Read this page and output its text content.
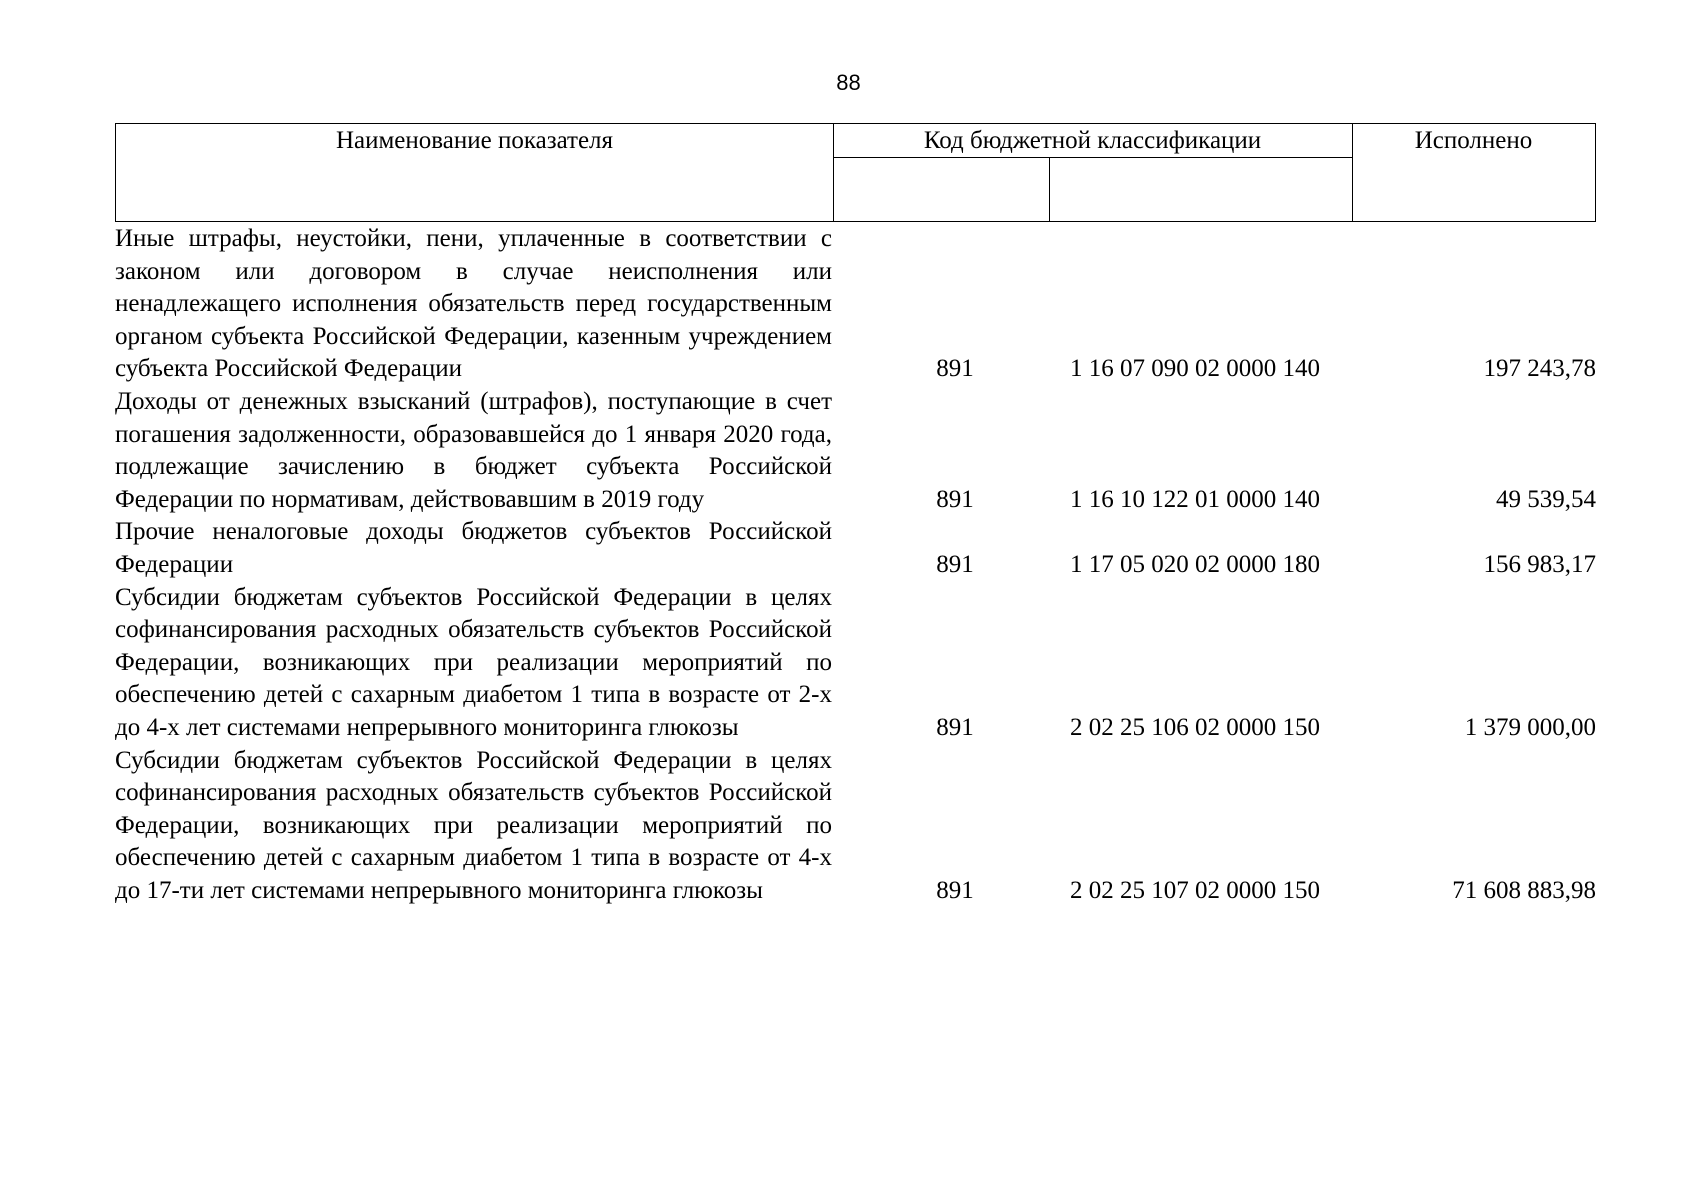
88
Наименование показателя	Код бюджетной классификации	Исполнено
Иные штрафы, неустойки, пени, уплаченные в соответствии с законом или договором в случае неисполнения или ненадлежащего исполнения обязательств перед государственным органом субъекта Российской Федерации, казенным учреждением субъекта Российской Федерации	891	1 16 07 090 02 0000 140	197 243,78
Доходы от денежных взысканий (штрафов), поступающие в счет погашения задолженности, образовавшейся до 1 января 2020 года, подлежащие зачислению в бюджет субъекта Российской Федерации по нормативам, действовавшим в 2019 году	891	1 16 10 122 01 0000 140	49 539,54
Прочие неналоговые доходы бюджетов субъектов Российской Федерации	891	1 17 05 020 02 0000 180	156 983,17
Субсидии бюджетам субъектов Российской Федерации в целях софинансирования расходных обязательств субъектов Российской Федерации, возникающих при реализации мероприятий по обеспечению детей с сахарным диабетом 1 типа в возрасте от 2-х до 4-х лет системами непрерывного мониторинга глюкозы	891	2 02 25 106 02 0000 150	1 379 000,00
Субсидии бюджетам субъектов Российской Федерации в целях софинансирования расходных обязательств субъектов Российской Федерации, возникающих при реализации мероприятий по обеспечению детей с сахарным диабетом 1 типа в возрасте от 4-х до 17-ти лет системами непрерывного мониторинга глюкозы	891	2 02 25 107 02 0000 150	71 608 883,98
